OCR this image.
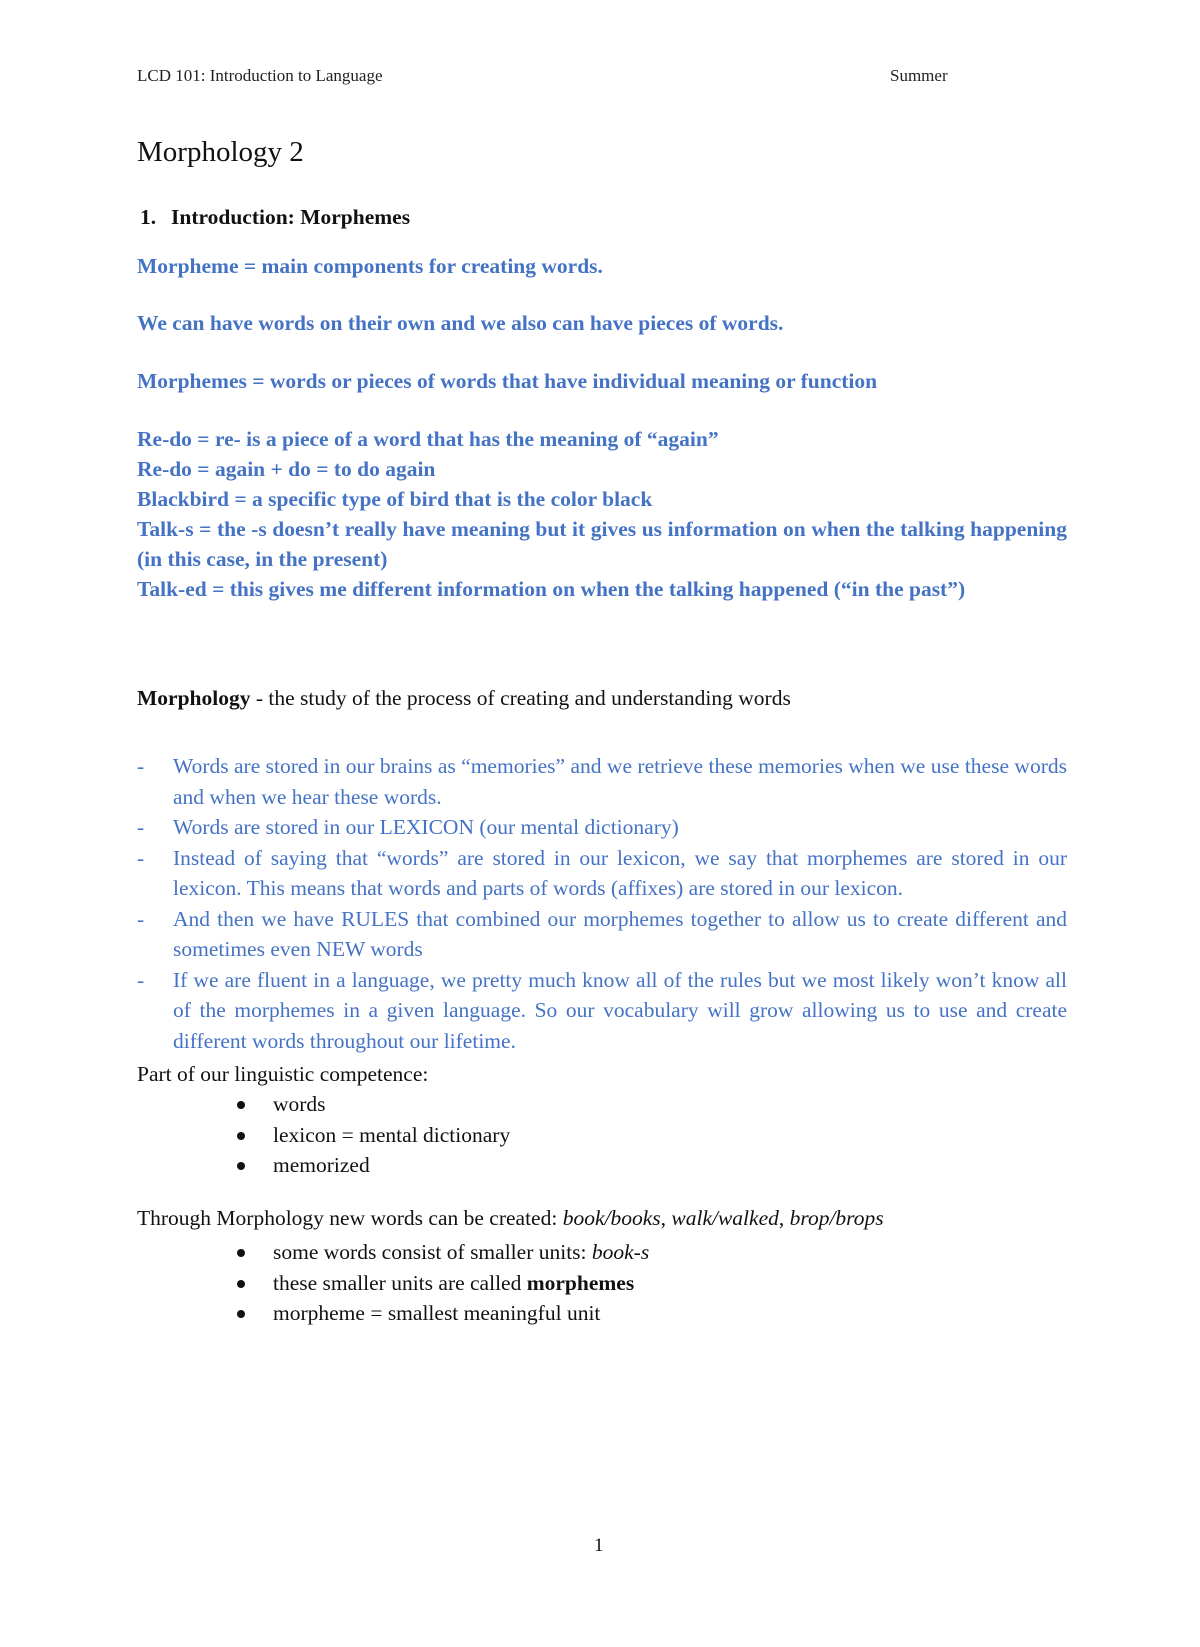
LCD 101: Introduction to Language	Summer
Morphology 2
1. Introduction: Morphemes

Morpheme = main components for creating words.

We can have words on their own and we also can have pieces of words.

Morphemes = words or pieces of words that have individual meaning or function

Re-do = re- is a piece of a word that has the meaning of “again”
Re-do = again + do = to do again
Blackbird = a specific type of bird that is the color black
Talk-s = the -s doesn’t really have meaning but it gives us information on when the talking happening (in this case, in the present)
Talk-ed = this gives me different information on when the talking happened (“in the past”)

Morphology - the study of the process of creating and understanding words

- Words are stored in our brains as “memories” and we retrieve these memories when we use these words and when we hear these words.
- Words are stored in our LEXICON (our mental dictionary)
- Instead of saying that “words” are stored in our lexicon, we say that morphemes are stored in our lexicon. This means that words and parts of words (affixes) are stored in our lexicon.
- And then we have RULES that combined our morphemes together to allow us to create different and sometimes even NEW words
- If we are fluent in a language, we pretty much know all of the rules but we most likely won’t know all of the morphemes in a given language. So our vocabulary will grow allowing us to use and create different words throughout our lifetime.

Part of our linguistic competence:

words
lexicon = mental dictionary
memorized

Through Morphology new words can be created: book/books, walk/walked, brop/brops

some words consist of smaller units: book-s
these smaller units are called morphemes
morpheme = smallest meaningful unit
1
